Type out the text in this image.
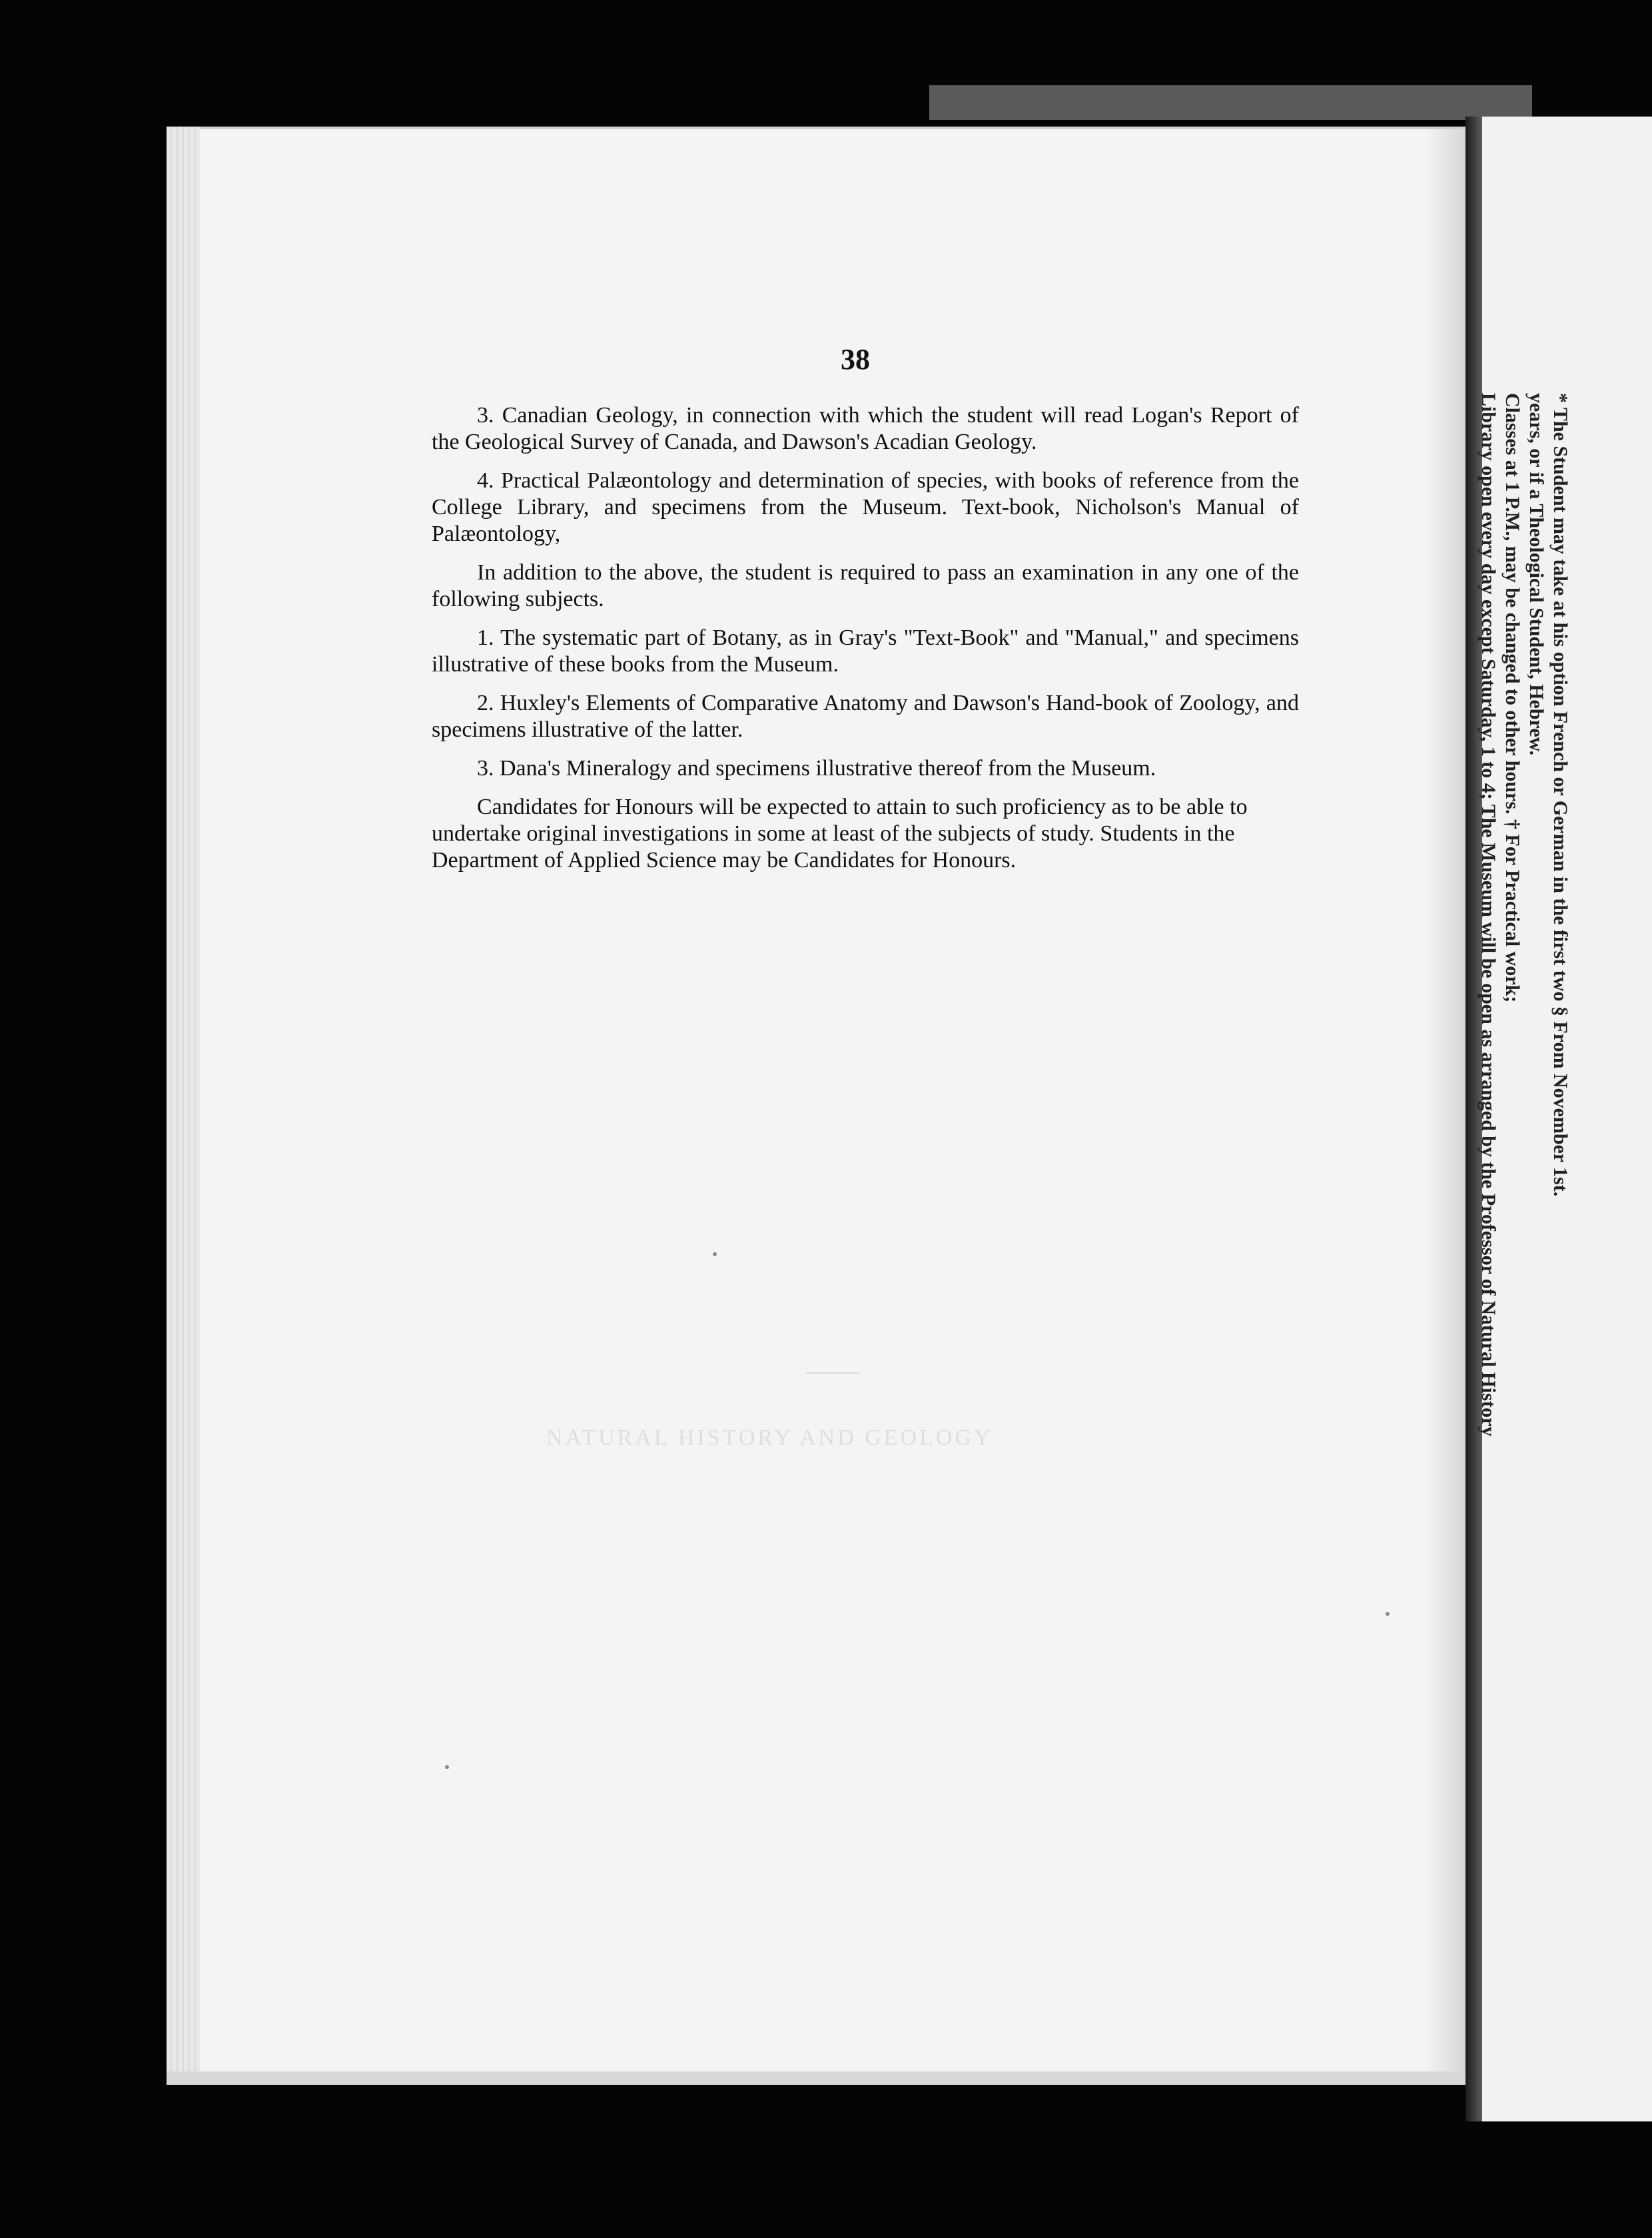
38

3. Canadian Geology, in connection with which the student will read Logan's Report of the Geological Survey of Canada, and Dawson's Acadian Geology.

4. Practical Palæontology and determination of species, with books of reference from the College Library, and specimens from the Museum. Text-book, Nicholson's Manual of Palæontology,

In addition to the above, the student is required to pass an examination in any one of the following subjects.

1. The systematic part of Botany, as in Gray's "Text-Book" and "Manual," and specimens illustrative of these books from the Museum.

2. Huxley's Elements of Comparative Anatomy and Dawson's Hand-book of Zoology, and specimens illustrative of the latter.

3. Dana's Mineralogy and specimens illustrative thereof from the Museum.

Candidates for Honours will be expected to attain to such proficiency as to be able to undertake original investigations in some at least of the subjects of study. Students in the Department of Applied Science may be Candidates for Honours.

NATURAL HISTORY AND GEOLOGY
* The Student may take at his option French or German in the first two § From November 1st.
years, or if a Theological Student, Hebrew.
Classes at 1 P.M., may be changed to other hours. † For Practical work;
Library open every day except Saturday, 1 to 4; The Museum will be open as arranged by the Professor of Natural History
